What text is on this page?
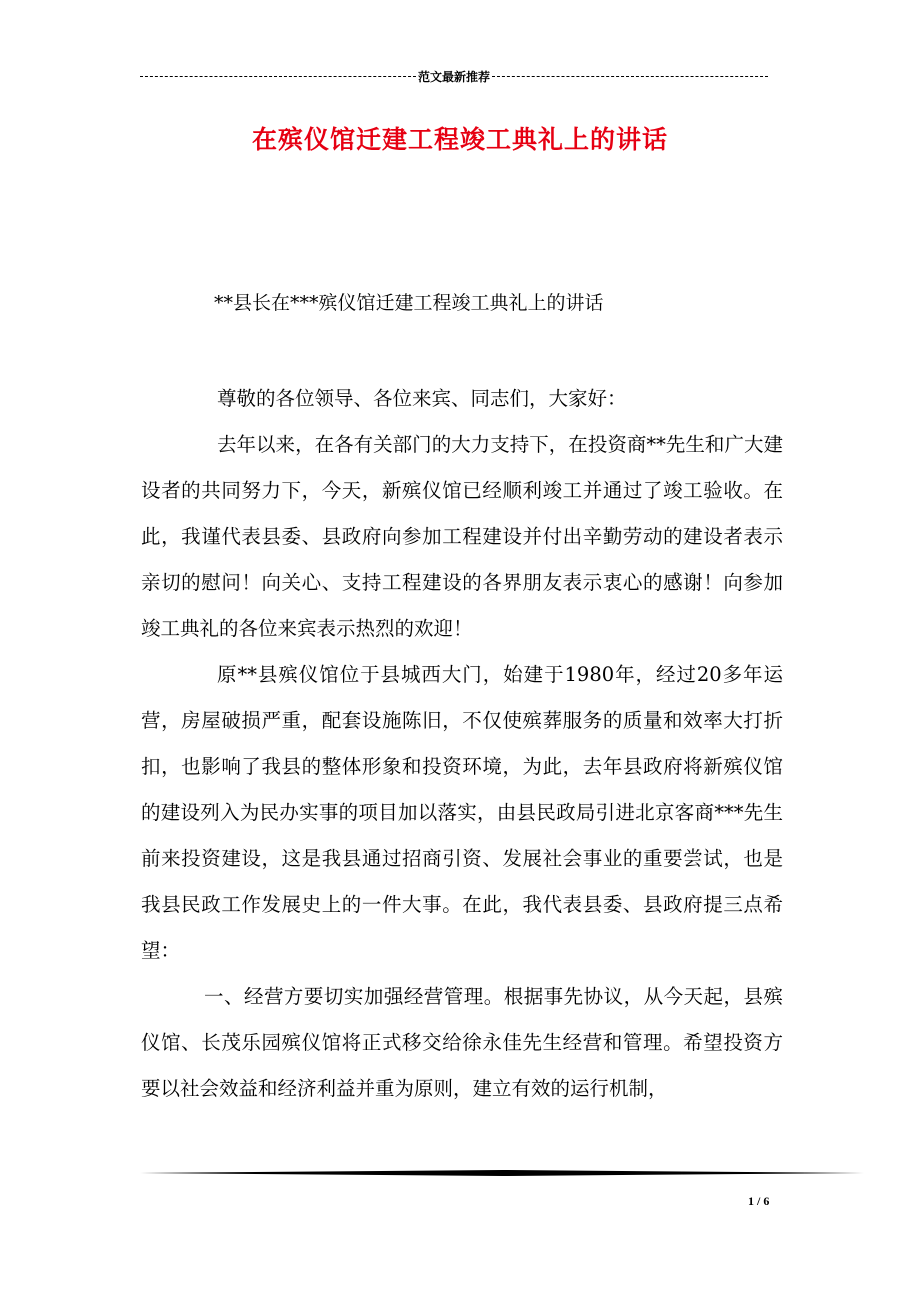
范文最新推荐
在殡仪馆迁建工程竣工典礼上的讲话
**县长在***殡仪馆迁建工程竣工典礼上的讲话

尊敬的各位领导、各位来宾、同志们，大家好：

去年以来，在各有关部门的大力支持下，在投资商**先生和广大建设者的共同努力下，今天，新殡仪馆已经顺利竣工并通过了竣工验收。在此，我谨代表县委、县政府向参加工程建设并付出辛勤劳动的建设者表示亲切的慰问！向关心、支持工程建设的各界朋友表示衷心的感谢！向参加竣工典礼的各位来宾表示热烈的欢迎！

原**县殡仪馆位于县城西大门，始建于1980年，经过20多年运营，房屋破损严重，配套设施陈旧，不仅使殡葬服务的质量和效率大打折扣，也影响了我县的整体形象和投资环境，为此，去年县政府将新殡仪馆的建设列入为民办实事的项目加以落实，由县民政局引进北京客商***先生前来投资建设，这是我县通过招商引资、发展社会事业的重要尝试，也是我县民政工作发展史上的一件大事。在此，我代表县委、县政府提三点希望：

一、经营方要切实加强经营管理。根据事先协议，从今天起，县殡仪馆、长茂乐园殡仪馆将正式移交给徐永佳先生经营和管理。希望投资方要以社会效益和经济利益并重为原则，建立有效的运行机制，

1 / 6
